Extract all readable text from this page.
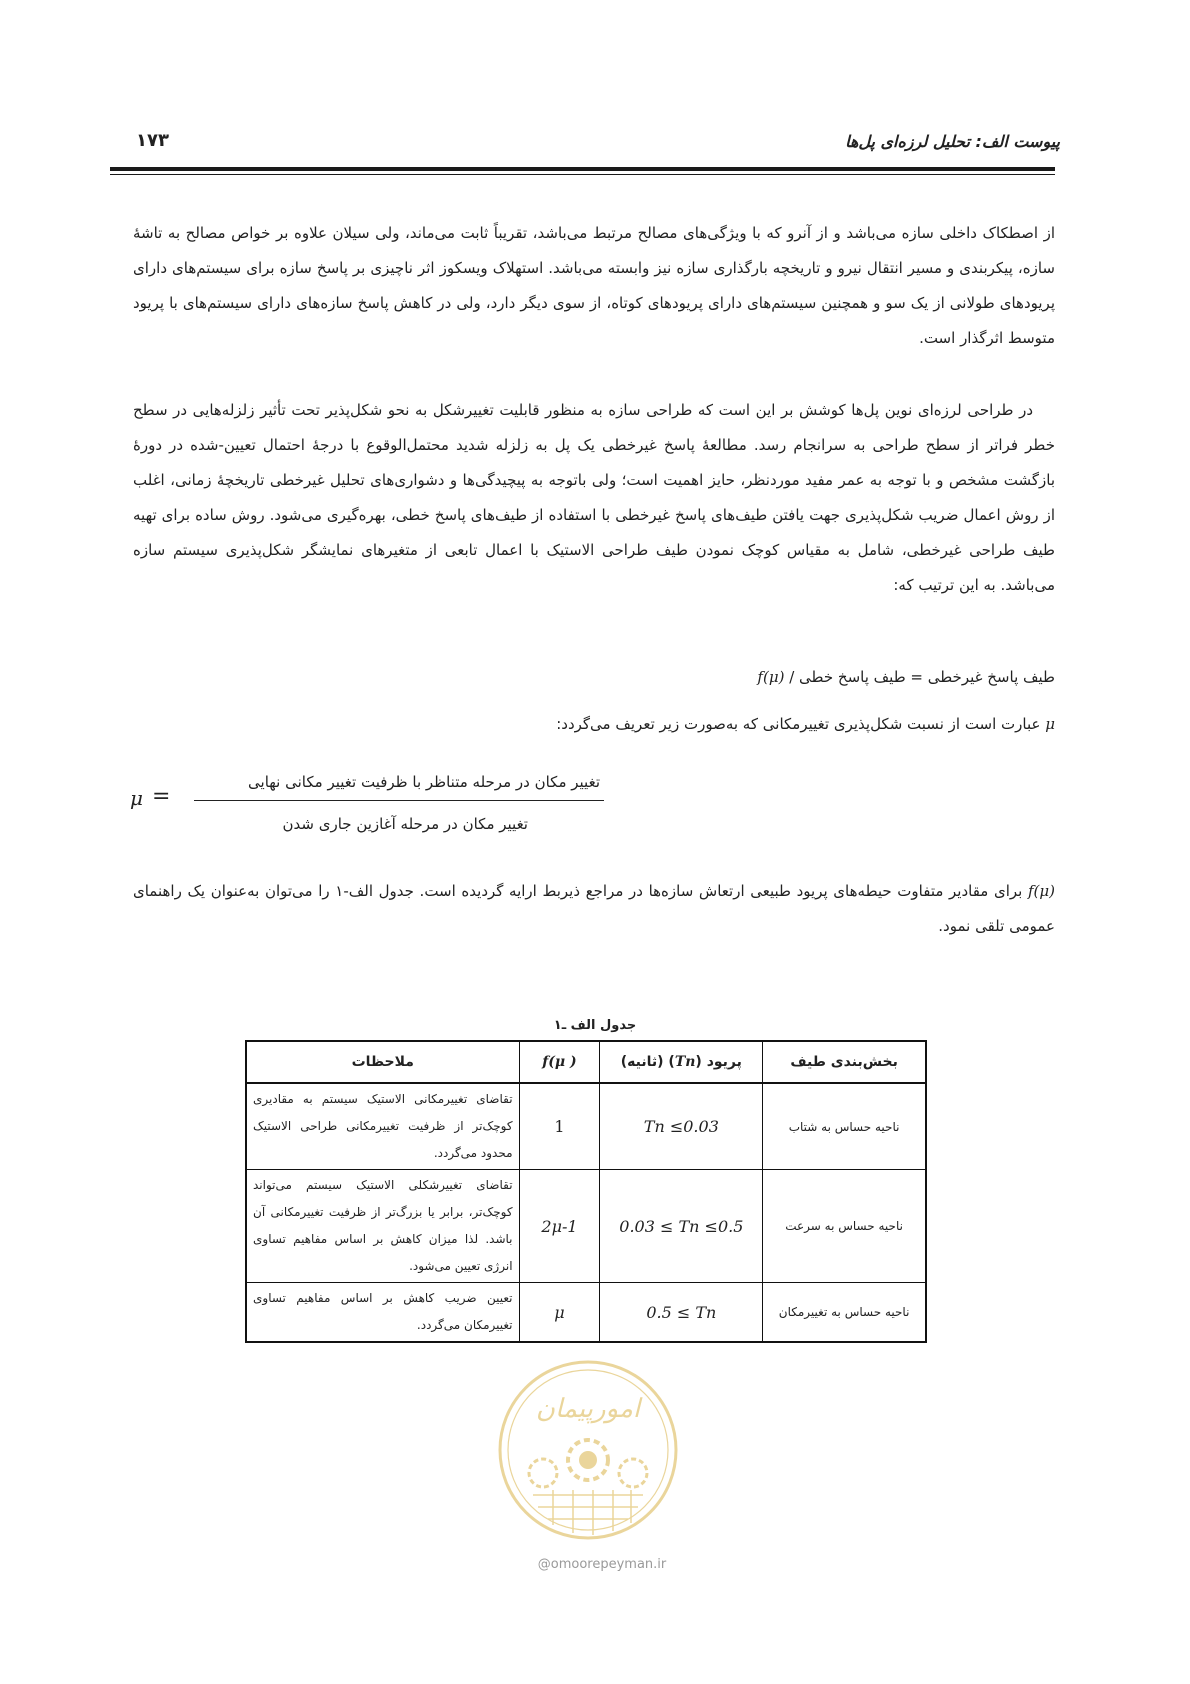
پیوست الف: تحلیل لرزه‌ای پل‌ها
۱۷۳

از اصطکاک داخلی سازه می‌باشد و از آنرو که با ویژگی‌های مصالح مرتبط می‌باشد، تقریباً ثابت می‌ماند، ولی سیلان علاوه بر خواص مصالح به تاشهٔ سازه، پیکربندی و مسیر انتقال نیرو و تاریخچه بارگذاری سازه نیز وابسته می‌باشد. استهلاک ویسکوز اثر ناچیزی بر پاسخ سازه برای سیستم‌های دارای پریودهای طولانی از یک سو و همچنین سیستم‌های دارای پریودهای کوتاه، از سوی دیگر دارد، ولی در کاهش پاسخ سازه‌های دارای سیستم‌های با پریود متوسط اثرگذار است.

در طراحی لرزه‌ای نوین پل‌ها کوشش بر این است که طراحی سازه به منظور قابلیت تغییرشکل به نحو شکل‌پذیر تحت تأثیر زلزله‌هایی در سطح خطر فراتر از سطح طراحی به سرانجام رسد. مطالعهٔ پاسخ غیرخطی یک پل به زلزله شدید محتمل‌الوقوع با درجهٔ احتمال تعیین-شده در دورهٔ بازگشت مشخص و با توجه به عمر مفید موردنظر، حایز اهمیت است؛ ولی باتوجه به پیچیدگی‌ها و دشواری‌های تحلیل غیرخطی تاریخچهٔ زمانی، اغلب از روش اعمال ضریب شکل‌پذیری جهت یافتن طیف‌های پاسخ غیرخطی با استفاده از طیف‌های پاسخ خطی، بهره‌گیری می‌شود. روش ساده برای تهیه طیف طراحی غیرخطی، شامل به مقیاس کوچک نمودن طیف طراحی الاستیک با اعمال تابعی از متغیرهای نمایشگر شکل‌پذیری سیستم سازه می‌باشد. به این ترتیب که:

طیف پاسخ غیرخطی = طیف پاسخ خطی / f(μ)
μ عبارت است از نسبت شکل‌پذیری تغییرمکانی که به‌صورت زیر تعریف می‌گردد:
μ =
تغییر مکان در مرحله متناظر با ظرفیت تغییر مکانی نهایی
تغییر مکان در مرحله آغازین جاری شدن

f(μ) برای مقادیر متفاوت حیطه‌های پریود طبیعی ارتعاش سازه‌ها در مراجع ذیربط ارایه گردیده است. جدول الف-۱ را می‌توان به‌عنوان یک راهنمای عمومی تلقی نمود.

جدول الف ـ۱
بخش‌بندی طیف	پریود (Tn) (ثانیه)	f(μ )	ملاحظات
ناحیه حساس به شتاب	Tn ≤0.03	1	تقاضای تغییرمکانی الاستیک سیستم به مقادیری کوچک‌تر از ظرفیت تغییرمکانی طراحی الاستیک محدود می‌گردد.
ناحیه حساس به سرعت	0.03 ≤ Tn ≤0.5	2μ-1	تقاضای تغییرشکلی الاستیک سیستم می‌تواند کوچک‌تر، برابر یا بزرگ‌تر از ظرفیت تغییرمکانی آن باشد. لذا میزان کاهش بر اساس مفاهیم تساوی انرژی تعیین می‌شود.
ناحیه حساس به تغییرمکان	0.5 ≤ Tn	μ	تعیین ضریب کاهش بر اساس مفاهیم تساوی تغییرمکان می‌گردد.
امورپیمان
@omoorepeyman.ir
